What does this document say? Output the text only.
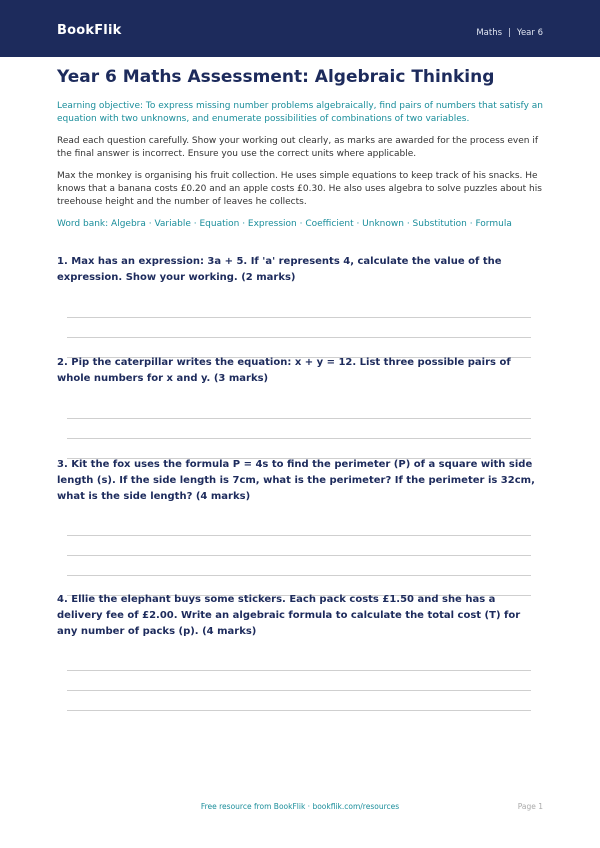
BookFlik	Maths | Year 6
Year 6 Maths Assessment: Algebraic Thinking
Learning objective: To express missing number problems algebraically, find pairs of numbers that satisfy an equation with two unknowns, and enumerate possibilities of combinations of two variables.
Read each question carefully. Show your working out clearly, as marks are awarded for the process even if the final answer is incorrect. Ensure you use the correct units where applicable.
Max the monkey is organising his fruit collection. He uses simple equations to keep track of his snacks. He knows that a banana costs £0.20 and an apple costs £0.30. He also uses algebra to solve puzzles about his treehouse height and the number of leaves he collects.
Word bank: Algebra · Variable · Equation · Expression · Coefficient · Unknown · Substitution · Formula
1. Max has an expression: 3a + 5. If 'a' represents 4, calculate the value of the expression. Show your working. (2 marks)
2. Pip the caterpillar writes the equation: x + y = 12. List three possible pairs of whole numbers for x and y. (3 marks)
3. Kit the fox uses the formula P = 4s to find the perimeter (P) of a square with side length (s). If the side length is 7cm, what is the perimeter? If the perimeter is 32cm, what is the side length? (4 marks)
4. Ellie the elephant buys some stickers. Each pack costs £1.50 and she has a delivery fee of £2.00. Write an algebraic formula to calculate the total cost (T) for any number of packs (p). (4 marks)
Free resource from BookFlik · bookflik.com/resources	Page 1
